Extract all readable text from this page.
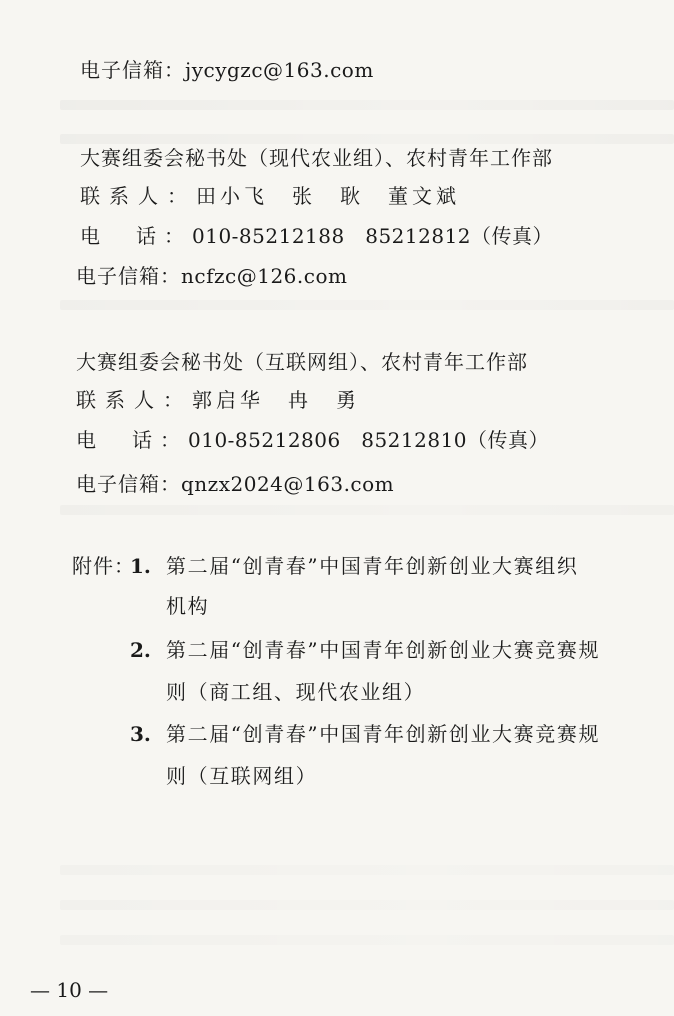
电子信箱：jycygzc@163.com
大赛组委会秘书处（现代农业组）、农村青年工作部
联系人：田小飞　张　耿　董文斌
电　话：010-85212188　85212812（传真）
电子信箱：ncfzc@126.com
大赛组委会秘书处（互联网组）、农村青年工作部
联系人：郭启华　冉　勇
电　话：010-85212806　85212810（传真）
电子信箱：qnzx2024@163.com
附件：
1. 第二届“创青春”中国青年创新创业大赛组织
机构
2. 第二届“创青春”中国青年创新创业大赛竞赛规
则（商工组、现代农业组）
3. 第二届“创青春”中国青年创新创业大赛竞赛规
则（互联网组）
— 10 —
